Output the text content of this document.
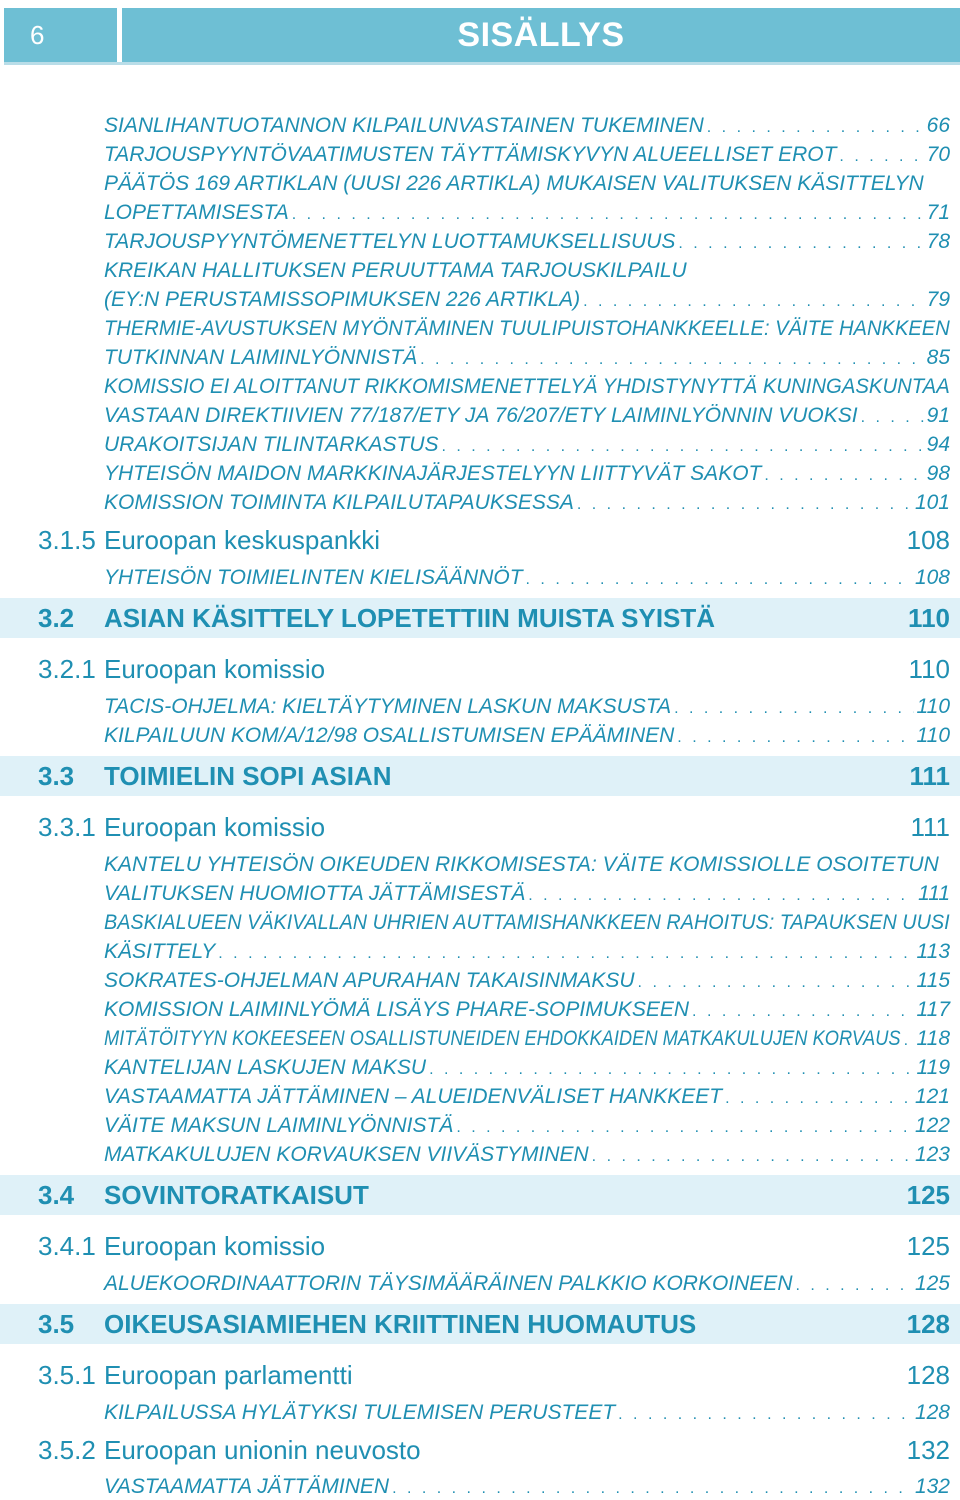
6	SISÄLLYS
SIANLIHANTUOTANNON KILPAILUNVASTAINEN TUKEMINEN . . .	66
TARJOUSPYYNTÖVAATIMUSTEN TÄYTTÄMISKYVYN ALUEELLISET EROT . . .	70
PÄÄTÖS 169 ARTIKLAN (UUSI 226 ARTIKLA) MUKAISEN VALITUKSEN KÄSITTELYN
LOPETTAMISESTA . . .	71
TARJOUSPYYNTÖMENETTELYN LUOTTAMUKSELLISUUS . . .	78
KREIKAN HALLITUKSEN PERUUTTAMA TARJOUSKILPAILU
(EY:N PERUSTAMISSOPIMUKSEN 226 ARTIKLA) . . .	79
THERMIE-AVUSTUKSEN MYÖNTÄMINEN TUULIPUISTOHANKKEELLE: VÄITE HANKKEEN
TUTKINNAN LAIMINLYÖNNISTÄ . . .	85
KOMISSIO EI ALOITTANUT RIKKOMISMENETTELYÄ YHDISTYNYTTÄ KUNINGASKUNTAA
VASTAAN DIREKTIIVIEN 77/187/ETY JA 76/207/ETY LAIMINLYÖNNIN VUOKSI . . .	91
URAKOITSIJAN TILINTARKASTUS . . .	94
YHTEISÖN MAIDON MARKKINAJÄRJESTELYYN LIITTYVÄT SAKOT . . .	98
KOMISSION TOIMINTA KILPAILUTAPAUKSESSA . . .	101
3.1.5 Euroopan keskuspankki	108
YHTEISÖN TOIMIELINTEN KIELISÄÄNNÖT . . .	108
3.2 ASIAN KÄSITTELY LOPETETTIIN MUISTA SYISTÄ	110
3.2.1 Euroopan komissio	110
TACIS-OHJELMA: KIELTÄYTYMINEN LASKUN MAKSUSTA . . .	110
KILPAILUUN KOM/A/12/98 OSALLISTUMISEN EPÄÄMINEN . . .	110
3.3 TOIMIELIN SOPI ASIAN	111
3.3.1 Euroopan komissio	111
KANTELU YHTEISÖN OIKEUDEN RIKKOMISESTA: VÄITE KOMISSIOLLE OSOITETUN
VALITUKSEN HUOMIOTTA JÄTTÄMISESTÄ . . .	111
BASKIALUEEN VÄKIVALLAN UHRIEN AUTTAMISHANKKEEN RAHOITUS: TAPAUKSEN UUSI
KÄSITTELY . . .	113
SOKRATES-OHJELMAN APURAHAN TAKAISINMAKSU . . .	115
KOMISSION LAIMINLYÖMÄ LISÄYS PHARE-SOPIMUKSEEN . . .	117
MITÄTÖITYYN KOKEESEEN OSALLISTUNEIDEN EHDOKKAIDEN MATKAKULUJEN KORVAUS . . . 118
KANTELIJAN LASKUJEN MAKSU . . .	119
VASTAAMATTA JÄTTÄMINEN – ALUEIDENVÄLISET HANKKEET . . .	121
VÄITE MAKSUN LAIMINLYÖNNISTÄ . . .	122
MATKAKULUJEN KORVAUKSEN VIIVÄSTYMINEN . . .	123
3.4 SOVINTORATKAISUT	125
3.4.1 Euroopan komissio	125
ALUEKOORDINAATTORIN TÄYSIMÄÄRÄINEN PALKKIO KORKOINEEN . . .	125
3.5 OIKEUSASIAMIEHEN KRIITTINEN HUOMAUTUS	128
3.5.1 Euroopan parlamentti	128
KILPAILUSSA HYLÄTYKSI TULEMISEN PERUSTEET . . .	128
3.5.2 Euroopan unionin neuvosto	132
VASTAAMATTA JÄTTÄMINEN . . .	132
